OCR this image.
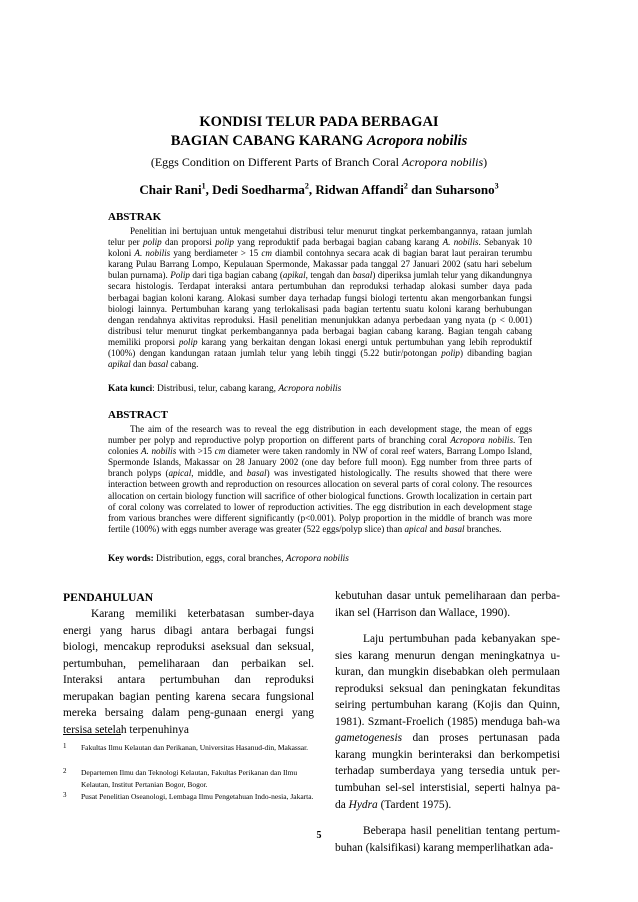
KONDISI TELUR PADA BERBAGAI
BAGIAN CABANG KARANG Acropora nobilis
(Eggs Condition on Different Parts of Branch Coral Acropora nobilis)
Chair Rani$^1$, Dedi Soedharma$^2$, Ridwan Affandi$^2$ dan Suharsono$^3$
ABSTRAK

Penelitian ini bertujuan untuk mengetahui distribusi telur menurut tingkat perkembangannya, rataan jumlah telur per polip dan proporsi polip yang reproduktif pada berbagai bagian cabang karang A. nobilis. Sebanyak 10 koloni A. nobilis yang berdiameter > 15 cm diambil contohnya secara acak di bagian barat laut perairan terumbu karang Pulau Barrang Lompo, Kepulauan Spermonde, Makassar pada tanggal 27 Januari 2002 (satu hari sebelum bulan purnama). Polip dari tiga bagian cabang (apikal, tengah dan basal) diperiksa jumlah telur yang dikandungnya secara histologis. Terdapat interaksi antara pertumbuhan dan reproduksi terhadap alokasi sumber daya pada berbagai bagian koloni karang. Alokasi sumber daya terhadap fungsi biologi tertentu akan mengorbankan fungsi biologi lainnya. Pertumbuhan karang yang terlokalisasi pada bagian tertentu suatu koloni karang berhubungan dengan rendahnya aktivitas reproduksi. Hasil penelitian menunjukkan adanya perbedaan yang nyata (p < 0.001) distribusi telur menurut tingkat perkembangannya pada berbagai bagian cabang karang. Bagian tengah cabang memiliki proporsi polip karang yang berkaitan dengan lokasi energi untuk pertumbuhan yang lebih reproduktif (100%) dengan kandungan rataan jumlah telur yang lebih tinggi (5.22 butir/potongan polip) dibanding bagian apikal dan basal cabang.

Kata kunci: Distribusi, telur, cabang karang, Acropora nobilis
ABSTRACT

The aim of the research was to reveal the egg distribution in each development stage, the mean of eggs number per polyp and reproductive polyp proportion on different parts of branching coral Acropora nobilis. Ten colonies A. nobilis with >15 cm diameter were taken randomly in NW of coral reef waters, Barrang Lompo Island, Spermonde Islands, Makassar on 28 January 2002 (one day before full moon). Egg number from three parts of branch polyps (apical, middle, and basal) was investigated histologically. The results showed that there were interaction between growth and reproduction on resources allocation on several parts of coral colony. The resources allocation on certain biology function will sacrifice of other biological functions. Growth localization in certain part of coral colony was correlated to lower of reproduction activities. The egg distribution in each development stage from various branches were different significantly (p<0.001). Polyp proportion in the middle of branch was more fertile (100%) with eggs number average was greater (522 eggs/polyp slice) than apical and basal branches.

Key words: Distribution, eggs, coral branches, Acropora nobilis
PENDAHULUAN

Karang memiliki keterbatasan sumber-daya energi yang harus dibagi antara berbagai fungsi biologi, mencakup reproduksi aseksual dan seksual, pertumbuhan, pemeliharaan dan perbaikan sel. Interaksi antara pertumbuhan dan reproduksi merupakan bagian penting karena secara fungsional mereka bersaing dalam peng-gunaan energi yang tersisa setelah terpenuhinya

1 Fakultas Ilmu Kelautan dan Perikanan, Universitas Hasanud-din, Makassar.
2 Departemen Ilmu dan Teknologi Kelautan, Fakultas Perikanan dan Ilmu Kelautan, Institut Pertanian Bogor, Bogor.
3 Pusat Penelitian Oseanologi, Lembaga Ilmu Pengetahuan Indo-nesia, Jakarta.

kebutuhan dasar untuk pemeliharaan dan perba-ikan sel (Harrison dan Wallace, 1990).

Laju pertumbuhan pada kebanyakan spe-sies karang menurun dengan meningkatnya u-kuran, dan mungkin disebabkan oleh permulaan reproduksi seksual dan peningkatan fekunditas seiring pertumbuhan karang (Kojis dan Quinn, 1981). Szmant-Froelich (1985) menduga bah-wa gametogenesis dan proses pertunasan pada karang mungkin berinteraksi dan berkompetisi terhadap sumberdaya yang tersedia untuk per-tumbuhan sel-sel interstisial, seperti halnya pa-da Hydra (Tardent 1975).

Beberapa hasil penelitian tentang pertum-buhan (kalsifikasi) karang memperlihatkan ada-

5
